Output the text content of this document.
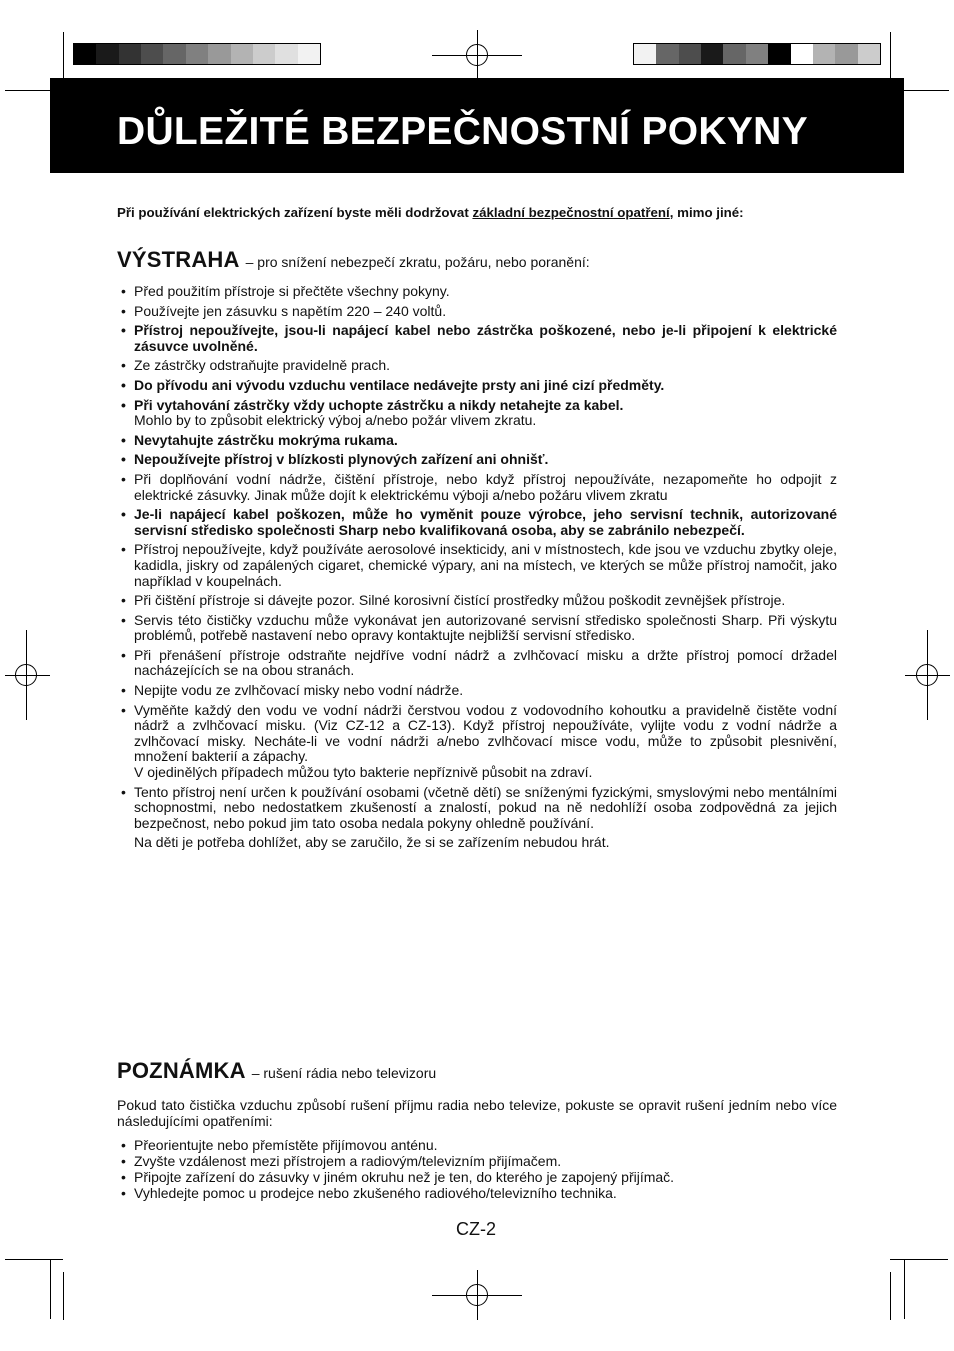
DŮLEŽITÉ BEZPEČNOSTNÍ POKYNY
Při používání elektrických zařízení byste měli dodržovat základní bezpečnostní opatření, mimo jiné:
VÝSTRAHA – pro snížení nebezpečí zkratu, požáru, nebo poranění:
• Před použitím přístroje si přečtěte všechny pokyny.
• Používejte jen zásuvku s napětím 220 – 240 voltů.
• Přístroj nepoužívejte, jsou-li napájecí kabel nebo zástrčka poškozené, nebo je-li připojení k elektrické zásuvce uvolněné.
• Ze zástrčky odstraňujte pravidelně prach.
• Do přívodu ani vývodu vzduchu ventilace nedávejte prsty ani jiné cizí předměty.
• Při vytahování zástrčky vždy uchopte zástrčku a nikdy netahejte za kabel.
Mohlo by to způsobit elektrický výboj a/nebo požár vlivem zkratu.
• Nevytahujte zástrčku mokrýma rukama.
• Nepoužívejte přístroj v blízkosti plynových zařízení ani ohnišť.
• Při doplňování vodní nádrže, čištění přístroje, nebo když přístroj nepoužíváte, nezapomeňte ho odpojit z elektrické zásuvky. Jinak může dojít k elektrickému výboji a/nebo požáru vlivem zkratu
• Je-li napájecí kabel poškozen, může ho vyměnit pouze výrobce, jeho servisní technik, autorizované servisní středisko společnosti Sharp nebo kvalifikovaná osoba, aby se zabránilo nebezpečí.
• Přístroj nepoužívejte, když používáte aerosolové insekticidy, ani v místnostech, kde jsou ve vzduchu zbytky oleje, kadidla, jiskry od zapálených cigaret, chemické výpary, ani na místech, ve kterých se může přístroj namočit, jako například v koupelnách.
• Při čištění přístroje si dávejte pozor. Silné korosivní čistící prostředky můžou poškodit zevnějšek přístroje.
• Servis této čističky vzduchu může vykonávat jen autorizované servisní středisko společnosti Sharp. Při výskytu problémů, potřebě nastavení nebo opravy kontaktujte nejbližší servisní středisko.
• Při přenášení přístroje odstraňte nejdříve vodní nádrž a zvlhčovací misku a držte přístroj pomocí držadel nacházejících se na obou stranách.
• Nepijte vodu ze zvlhčovací misky nebo vodní nádrže.
• Vyměňte každý den vodu ve vodní nádrži čerstvou vodou z vodovodního kohoutku a pravidelně čistěte vodní nádrž a zvlhčovací misku. (Viz CZ-12 a CZ-13). Když přístroj nepoužíváte, vylijte vodu z vodní nádrže a zvlhčovací misky. Necháte-li ve vodní nádrži a/nebo zvlhčovací misce vodu, může to způsobit plesnivění, množení bakterií a zápachy.
V ojedinělých případech můžou tyto bakterie nepříznivě působit na zdraví.
• Tento přístroj není určen k používání osobami (včetně dětí) se sníženými fyzickými, smyslovými nebo mentálními schopnostmi, nebo nedostatkem zkušeností a znalostí, pokud na ně nedohlíží osoba zodpovědná za jejich bezpečnost, nebo pokud jim tato osoba nedala pokyny ohledně používání.
Na děti je potřeba dohlížet, aby se zaručilo, že si se zařízením nebudou hrát.
POZNÁMKA – rušení rádia nebo televizoru

Pokud tato čistička vzduchu způsobí rušení příjmu radia nebo televize, pokuste se opravit rušení jedním nebo více následujícími opatřeními:

• Přeorientujte nebo přemístěte přijímovou anténu.
• Zvyšte vzdálenost mezi přístrojem a radiovým/televizním přijímačem.
• Připojte zařízení do zásuvky v jiném okruhu než je ten, do kterého je zapojený přijímač.
• Vyhledejte pomoc u prodejce nebo zkušeného radiového/televizního technika.
CZ-2
